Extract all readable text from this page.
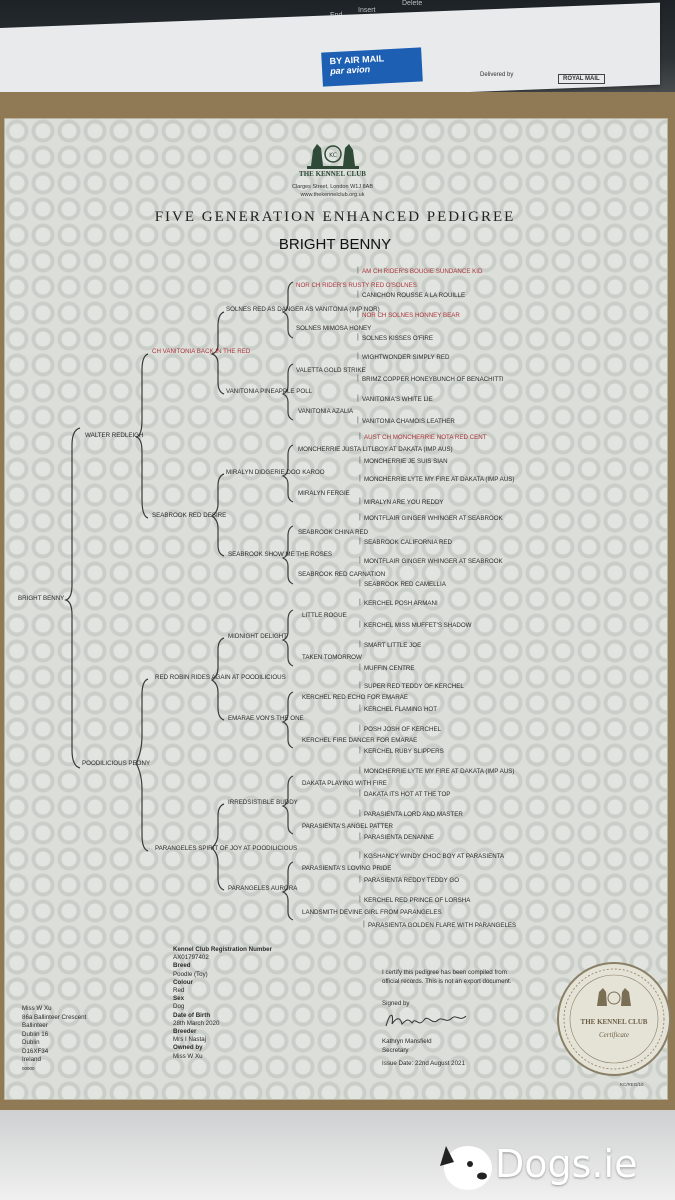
Insert
Delete
BY AIR MAIL
par avion	Delivered by
ROYAL MAIL
KC
THE KENNEL CLUB
Clarges Street, London W1J 8AB
www.thekennelclub.org.uk
FIVE GENERATION ENHANCED PEDIGREE
BRIGHT BENNY
BRIGHT BENNY
WALTER REDLEIGH
POODILICIOUS PEONY
CH VANITONIA BACK IN THE RED
SEABROOK RED DESIRE
RED ROBIN RIDES AGAIN AT POODILICIOUS
PARANGELES SPIRIT OF JOY AT POODILICIOUS
SOLNES RED AS DANGER AS VANITONIA (IMP NOR)
VANITONIA PINEAPPLE POLL
MIRALYN DIDGERIE DOO KAROO
SEABROOK SHOW ME THE ROSES
MIDNIGHT DELIGHT
EMARAE VON'S THE ONE
IRREDSISTIBLE BUDDY
PARANGELES AURORA
NOR CH RIDER'S RUSTY RED O'SOLNES
SOLNES MIMOSA HONEY
VALETTA GOLD STRIKE
VANITONIA AZALIA
MONCHERRIE JUSTA LITLBOY AT DAKATA (IMP AUS)
MIRALYN FERGIE
SEABROOK CHINA RED
SEABROOK RED CARNATION
LITTLE ROGUE
TAKEN TOMORROW
KERCHEL RED ECHO FOR EMARAE
KERCHEL FIRE DANCER FOR EMARAE
DAKATA PLAYING WITH FIRE
PARASIENTA'S ANGEL PATTER
PARASIENTA'S LOVING PRIDE
LANDSMITH DEVINE GIRL FROM PARANGELES
AM CH RIDER'S BOUGIE SUNDANCE KID
CANICHON ROUSSE A LA ROUILLE
NOR CH SOLNES HONNEY BEAR
SOLNES KISSES O'FIRE
WIGHTWONDER SIMPLY RED
BRIMZ COPPER HONEYBUNCH OF BENACHITTI
VANITONIA'S WHITE LIE
VANITONIA CHAMOIS LEATHER
AUST CH MONCHERRIE NOTA RED CENT
MONCHERRIE JE SUIS SIAN
MONCHERRIE LYTE MY FIRE AT DAKATA (IMP AUS)
MIRALYN ARE YOU REDDY
MONTFLAIR GINGER WHINGER AT SEABROOK
SEABROOK CALIFORNIA RED
MONTFLAIR GINGER WHINGER AT SEABROOK
SEABROOK RED CAMELLIA
KERCHEL POSH ARMANI
KERCHEL MISS MUFFET'S SHADOW
SMART LITTLE JOE
MUFFIN CENTRE
SUPER RED TEDDY OF KERCHEL
KERCHEL FLAMING HOT
POSH JOSH OF KERCHEL
KERCHEL RUBY SLIPPERS
MONCHERRIE LYTE MY FIRE AT DAKATA (IMP AUS)
DAKATA ITS HOT AT THE TOP
PARASIENTA LORD AND MASTER
PARASIENTA DENANNE
KGSHANCY WINDY CHOC BOY AT PARASIENTA
PARASIENTA REDDY TEDDY GO
KERCHEL RED PRINCE OF LORSHA
PARASIENTA GOLDEN FLARE WITH PARANGELES
Kennel Club Registration Number
AX01797402
Breed
Poodle (Toy)
Colour
Red
Sex
Dog
Date of Birth
28th March 2020
Breeder
Mrs I Nastaj
Owned by
Miss W Xu
Miss W Xu
86a Ballinteer Crescent
Ballinteer
Dublin 16
Dublin
D16XF34
Ireland
00000
I certify this pedigree has been compiled from
official records. This is not an export document.
Signed by
Kathryn Mansfield
Secretary
Issue Date: 22nd August 2021
THE KENNEL CLUB
Certificate
KC/REG/10
Dogs.ie
|
|
|
|
|
|
|
|
|
|
|
|
|
|
|
|
|
|
|
|
|
|
|
|
|
|
|
|
|
|
|
|
